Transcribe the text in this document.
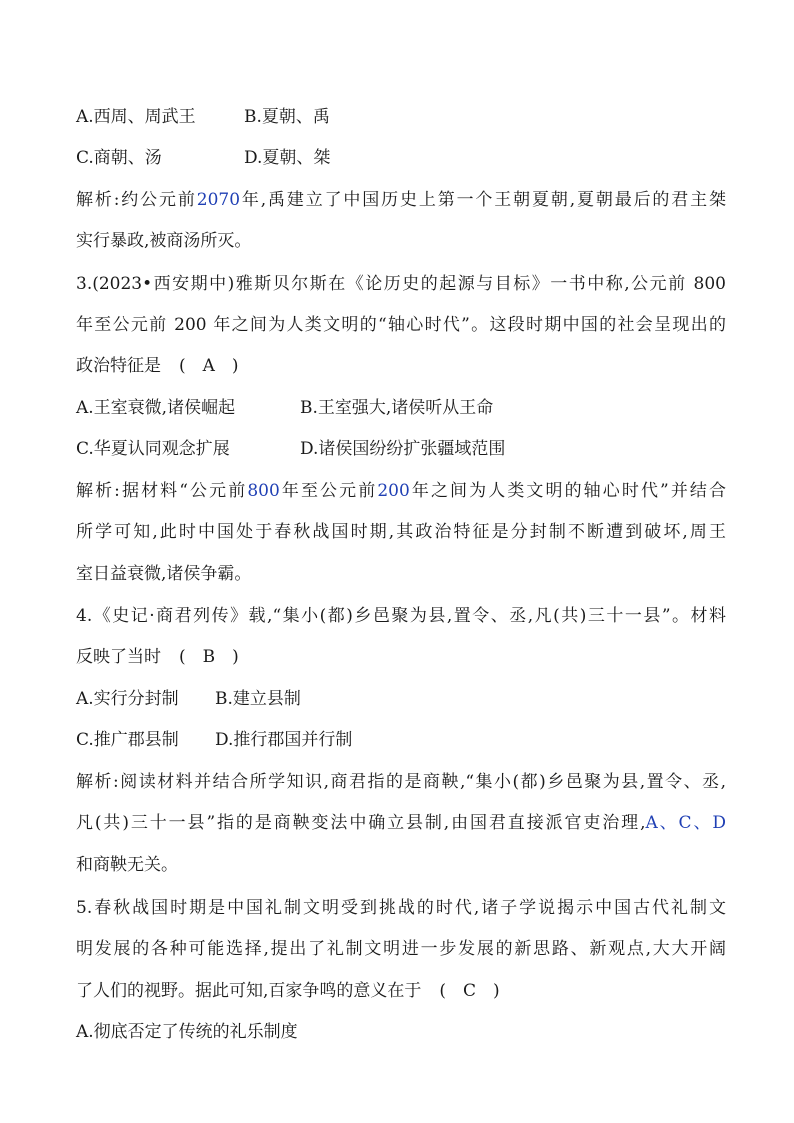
A.西周、周武王	B.夏朝、禹
C.商朝、汤	D.夏朝、桀
解析:约公元前2070年,禹建立了中国历史上第一个王朝夏朝,夏朝最后的君主桀
实行暴政,被商汤所灭。
3.(2023•西安期中)雅斯贝尔斯在《论历史的起源与目标》一书中称,公元前 800
年至公元前 200 年之间为人类文明的“轴心时代”。这段时期中国的社会呈现出的
政治特征是 (　A　)
A.王室衰微,诸侯崛起	B.王室强大,诸侯听从王命
C.华夏认同观念扩展	D.诸侯国纷纷扩张疆域范围
解析:据材料“公元前800年至公元前200年之间为人类文明的轴心时代”并结合
所学可知,此时中国处于春秋战国时期,其政治特征是分封制不断遭到破坏,周王
室日益衰微,诸侯争霸。
4.《史记·商君列传》载,“集小(都)乡邑聚为县,置令、丞,凡(共)三十一县”。材料
反映了当时 (　B　)
A.实行分封制 B.建立县制
C.推广郡县制 D.推行郡国并行制
解析:阅读材料并结合所学知识,商君指的是商鞅,“集小(都)乡邑聚为县,置令、丞,
凡(共)三十一县”指的是商鞅变法中确立县制,由国君直接派官吏治理,A、C、D
和商鞅无关。
5.春秋战国时期是中国礼制文明受到挑战的时代,诸子学说揭示中国古代礼制文
明发展的各种可能选择,提出了礼制文明进一步发展的新思路、新观点,大大开阔
了人们的视野。据此可知,百家争鸣的意义在于 (　C　)
A.彻底否定了传统的礼乐制度
